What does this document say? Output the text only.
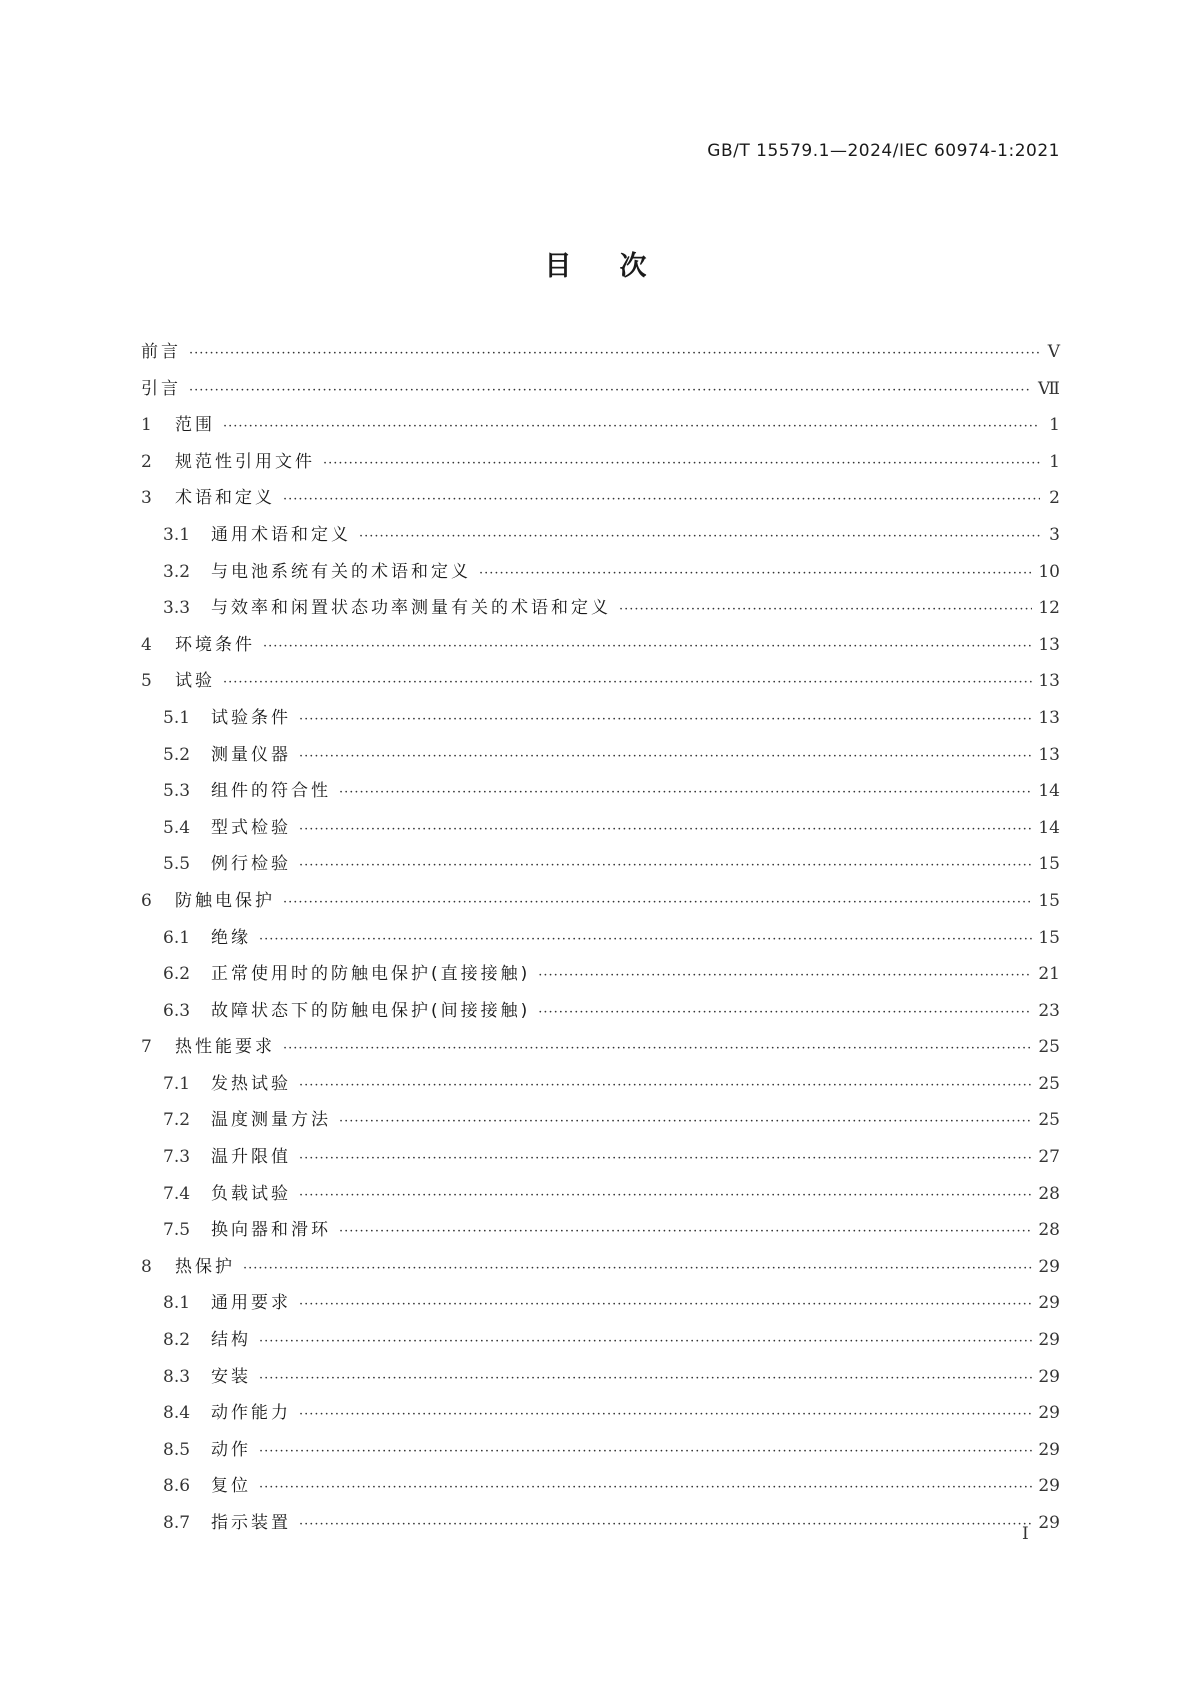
GB/T 15579.1—2024/IEC 60974-1:2021
目 次
前言 ·····	Ⅴ
引言 ·····	Ⅶ
1	范围 ·····	1
2	规范性引用文件 ·····	1
3	术语和定义 ·····	2
3.1	通用术语和定义 ·····	3
3.2	与电池系统有关的术语和定义 ·····	10
3.3	与效率和闲置状态功率测量有关的术语和定义 ·····	12
4	环境条件 ·····	13
5	试验 ·····	13
5.1	试验条件 ·····	13
5.2	测量仪器 ·····	13
5.3	组件的符合性 ·····	14
5.4	型式检验 ·····	14
5.5	例行检验 ·····	15
6	防触电保护 ·····	15
6.1	绝缘 ·····	15
6.2	正常使用时的防触电保护(直接接触) ·····	21
6.3	故障状态下的防触电保护(间接接触) ·····	23
7	热性能要求 ·····	25
7.1	发热试验 ·····	25
7.2	温度测量方法 ·····	25
7.3	温升限值 ·····	27
7.4	负载试验 ·····	28
7.5	换向器和滑环 ·····	28
8	热保护 ·····	29
8.1	通用要求 ·····	29
8.2	结构 ·····	29
8.3	安装 ·····	29
8.4	动作能力 ·····	29
8.5	动作 ·····	29
8.6	复位 ·····	29
8.7	指示装置 ·····	29
Ⅰ
